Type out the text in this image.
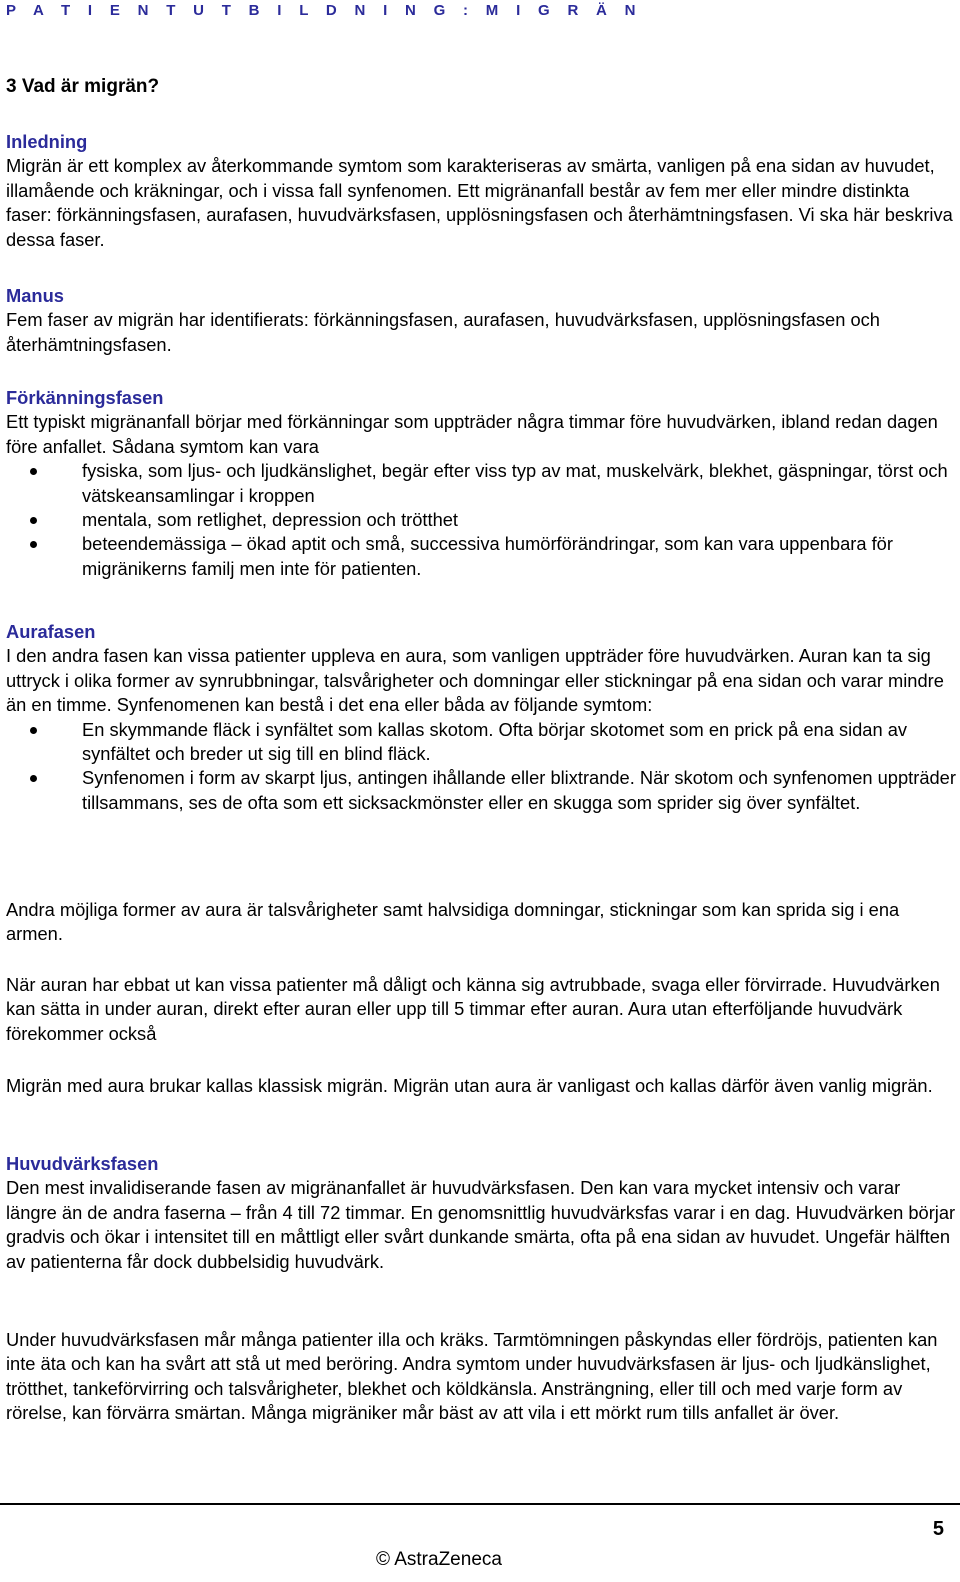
P A T I E N T U T B I L D N I N G : M I G R Ä N
3 Vad är migrän?
Inledning
Migrän är ett komplex av återkommande symtom som karakteriseras av smärta, vanligen på ena sidan av huvudet, illamående och kräkningar, och i vissa fall synfenomen. Ett migränanfall består av fem mer eller mindre distinkta faser: förkänningsfasen, aurafasen, huvudvärksfasen, upplösningsfasen och återhämtningsfasen. Vi ska här beskriva dessa faser.
Manus
Fem faser av migrän har identifierats: förkänningsfasen, aurafasen, huvudvärksfasen, upplösningsfasen och återhämtningsfasen.
Förkänningsfasen
Ett typiskt migränanfall börjar med förkänningar som uppträder några timmar före huvudvärken, ibland redan dagen före anfallet. Sådana symtom kan vara
fysiska, som ljus- och ljudkänslighet, begär efter viss typ av mat, muskelvärk, blekhet, gäspningar, törst och vätskeansamlingar i kroppen
mentala, som retlighet, depression och trötthet
beteendemässiga – ökad aptit och små, successiva humörförändringar, som kan vara uppenbara för migränikerns familj men inte för patienten.
Aurafasen
I den andra fasen kan vissa patienter uppleva en aura, som vanligen uppträder före huvudvärken. Auran kan ta sig uttryck i olika former av synrubbningar, talsvårigheter och domningar eller stickningar på ena sidan och varar mindre än en timme. Synfenomenen kan bestå i det ena eller båda av följande symtom:
En skymmande fläck i synfältet som kallas skotom. Ofta börjar skotomet som en prick på ena sidan av synfältet och breder ut sig till en blind fläck.
Synfenomen i form av skarpt ljus, antingen ihållande eller blixtrande. När skotom och synfenomen uppträder tillsammans, ses de ofta som ett sicksackmönster eller en skugga som sprider sig över synfältet.
Andra möjliga former av aura är talsvårigheter samt halvsidiga domningar, stickningar som kan sprida sig i ena armen.
När auran har ebbat ut kan vissa patienter må dåligt och känna sig avtrubbade, svaga eller förvirrade. Huvudvärken kan sätta in under auran, direkt efter auran eller upp till 5 timmar efter auran. Aura utan efterföljande huvudvärk förekommer också
Migrän med aura brukar kallas klassisk migrän. Migrän utan aura är vanligast och kallas därför även vanlig migrän.
Huvudvärksfasen
Den mest invalidiserande fasen av migränanfallet är huvudvärksfasen. Den kan vara mycket intensiv och varar längre än de andra faserna – från 4 till 72 timmar. En genomsnittlig huvudvärksfas varar i en dag. Huvudvärken börjar gradvis och ökar i intensitet till en måttligt eller svårt dunkande smärta, ofta på ena sidan av huvudet. Ungefär hälften av patienterna får dock dubbelsidig huvudvärk.
Under huvudvärksfasen mår många patienter illa och kräks. Tarmtömningen påskyndas eller fördröjs, patienten kan inte äta och kan ha svårt att stå ut med beröring. Andra symtom under huvudvärksfasen är ljus- och ljudkänslighet, trötthet, tankeförvirring och talsvårigheter, blekhet och köldkänsla. Ansträngning, eller till och med varje form av rörelse, kan förvärra smärtan. Många migräniker mår bäst av att vila i ett mörkt rum tills anfallet är över.
5
© AstraZeneca
